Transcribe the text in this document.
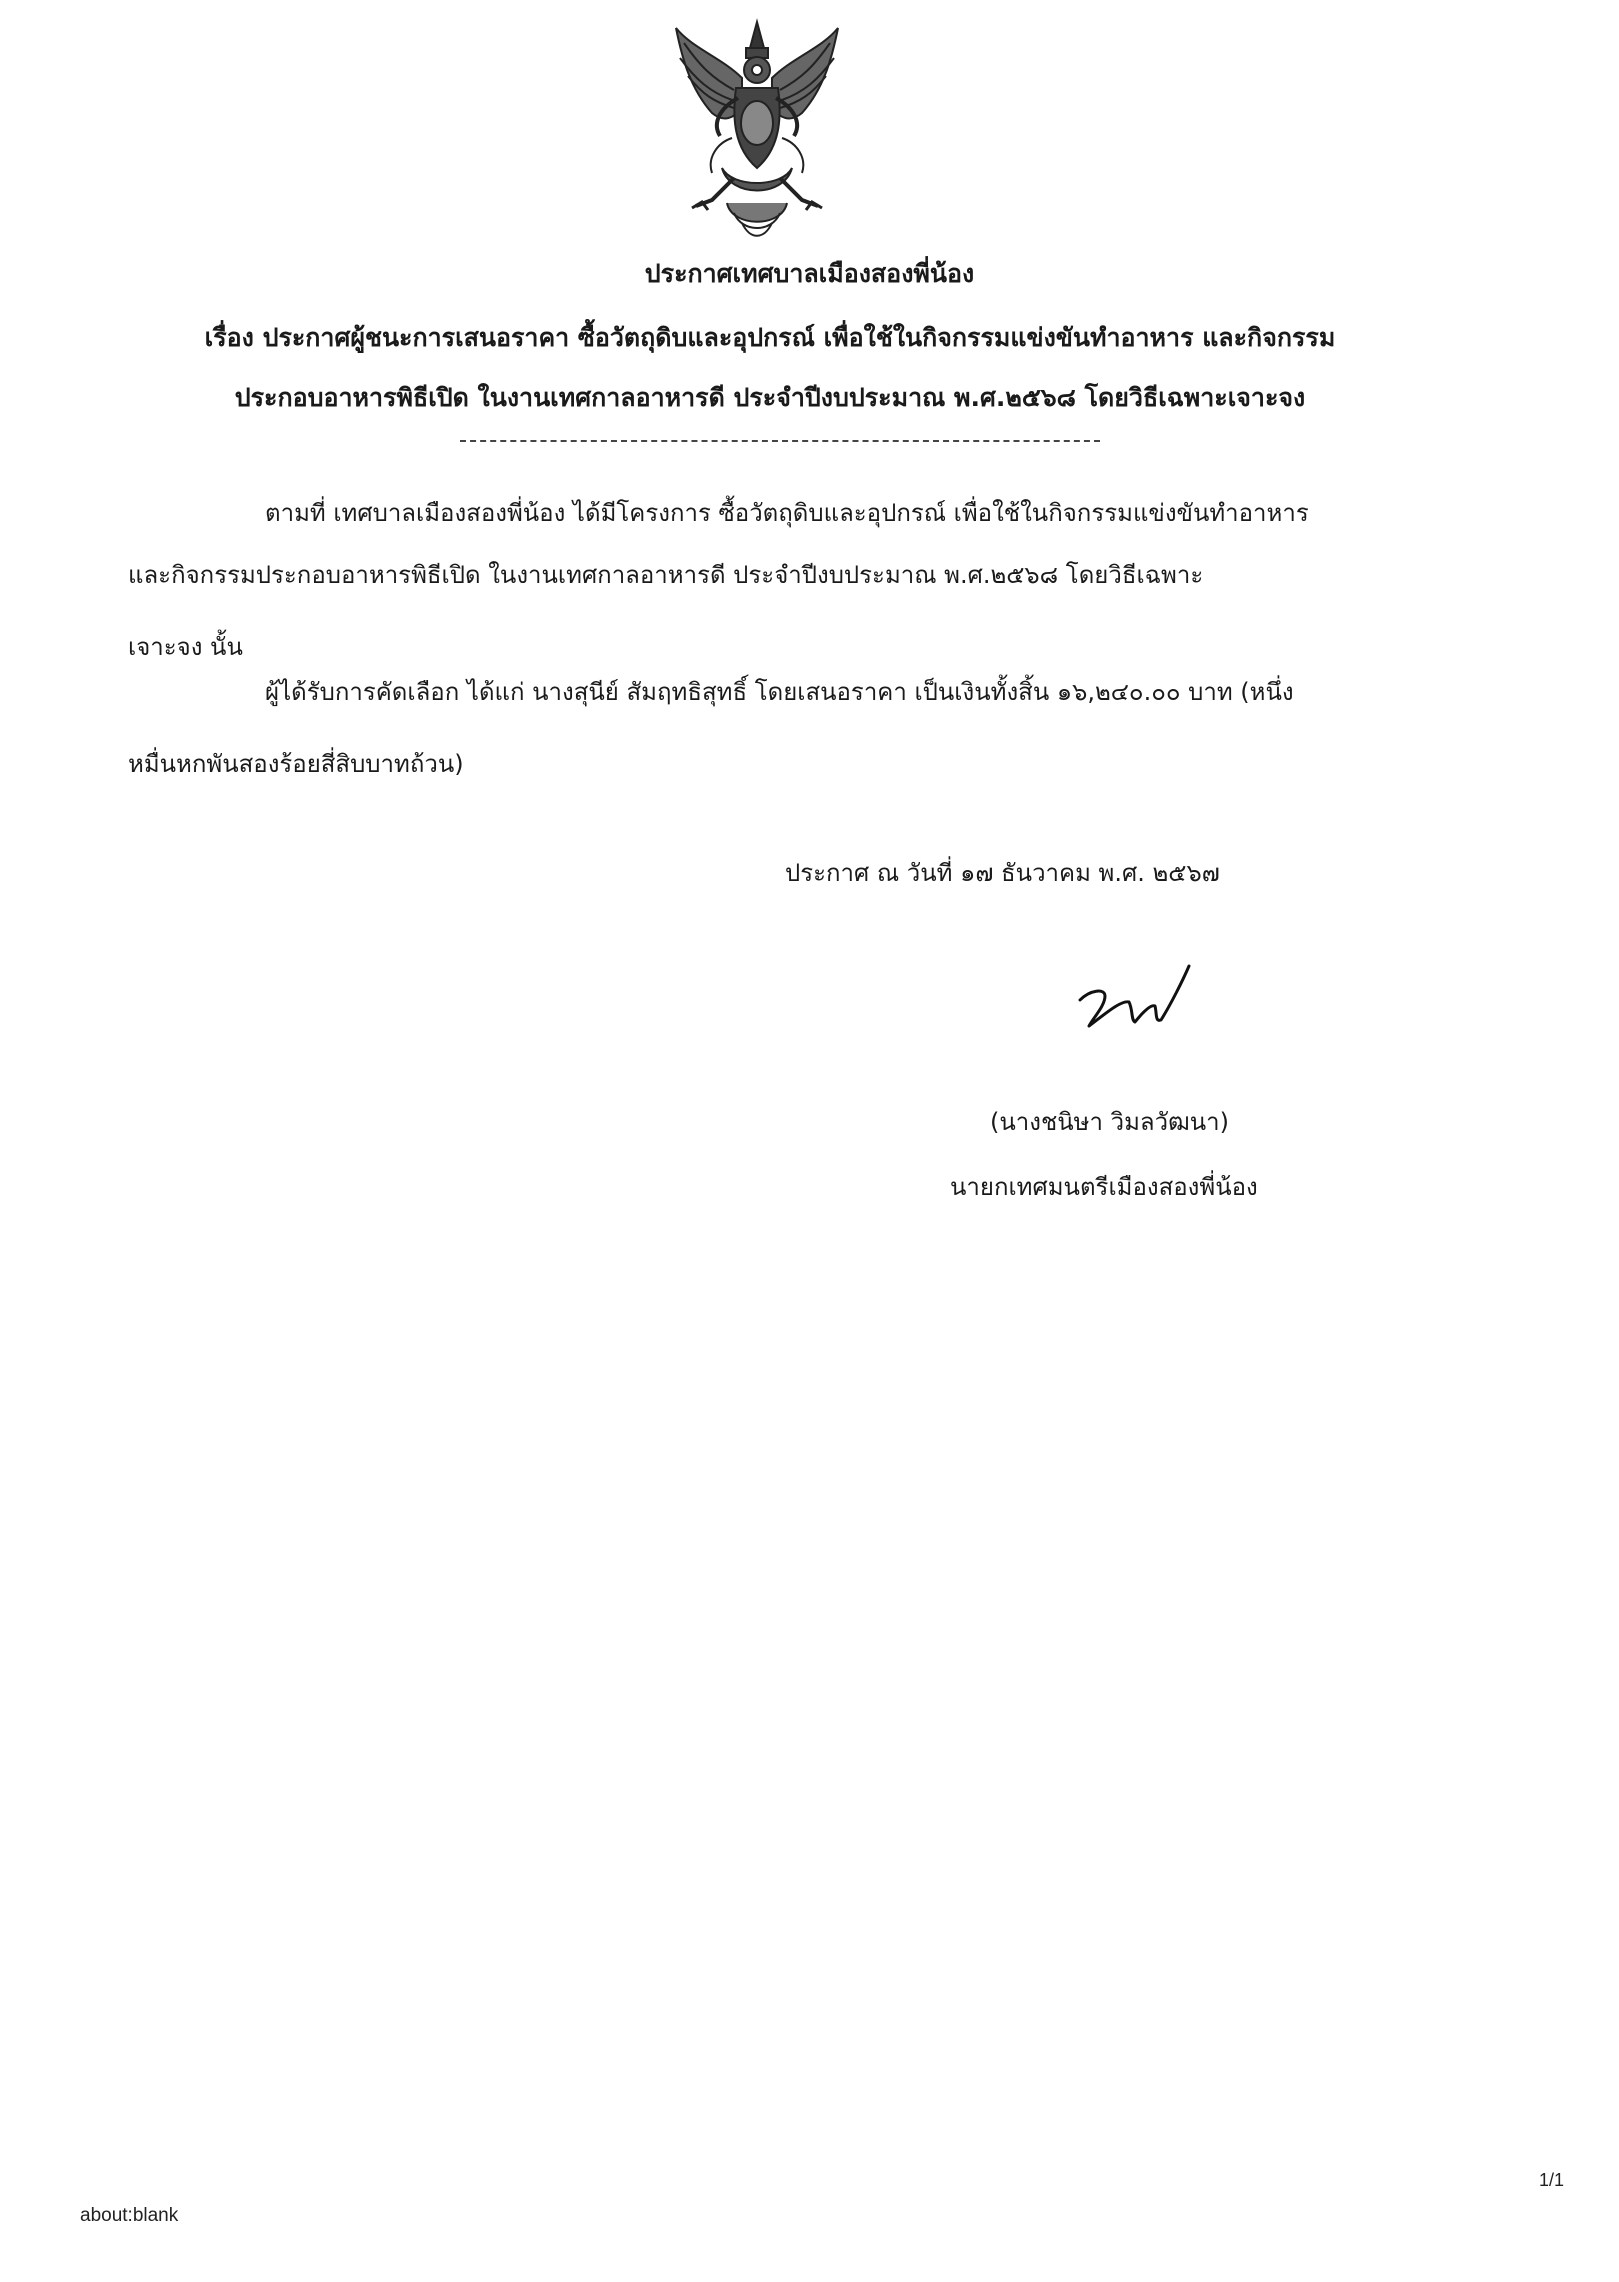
ประกาศเทศบาลเมืองสองพี่น้อง
เรื่อง ประกาศผู้ชนะการเสนอราคา ซื้อวัตถุดิบและอุปกรณ์ เพื่อใช้ในกิจกรรมแข่งขันทำอาหาร และกิจกรรม
ประกอบอาหารพิธีเปิด ในงานเทศกาลอาหารดี ประจำปีงบประมาณ พ.ศ.๒๕๖๘ โดยวิธีเฉพาะเจาะจง
ตามที่ เทศบาลเมืองสองพี่น้อง ได้มีโครงการ ซื้อวัตถุดิบและอุปกรณ์ เพื่อใช้ในกิจกรรมแข่งขันทำอาหาร
และกิจกรรมประกอบอาหารพิธีเปิด ในงานเทศกาลอาหารดี ประจำปีงบประมาณ พ.ศ.๒๕๖๘ โดยวิธีเฉพาะ
เจาะจง นั้น
ผู้ได้รับการคัดเลือก ได้แก่ นางสุนีย์ สัมฤทธิสุทธิ์ โดยเสนอราคา เป็นเงินทั้งสิ้น ๑๖,๒๔๐.๐๐ บาท (หนึ่ง
หมื่นหกพันสองร้อยสี่สิบบาทถ้วน)
ประกาศ ณ วันที่ ๑๗ ธันวาคม พ.ศ. ๒๕๖๗
(นางชนิษา วิมลวัฒนา)
นายกเทศมนตรีเมืองสองพี่น้อง
1/1
about:blank
